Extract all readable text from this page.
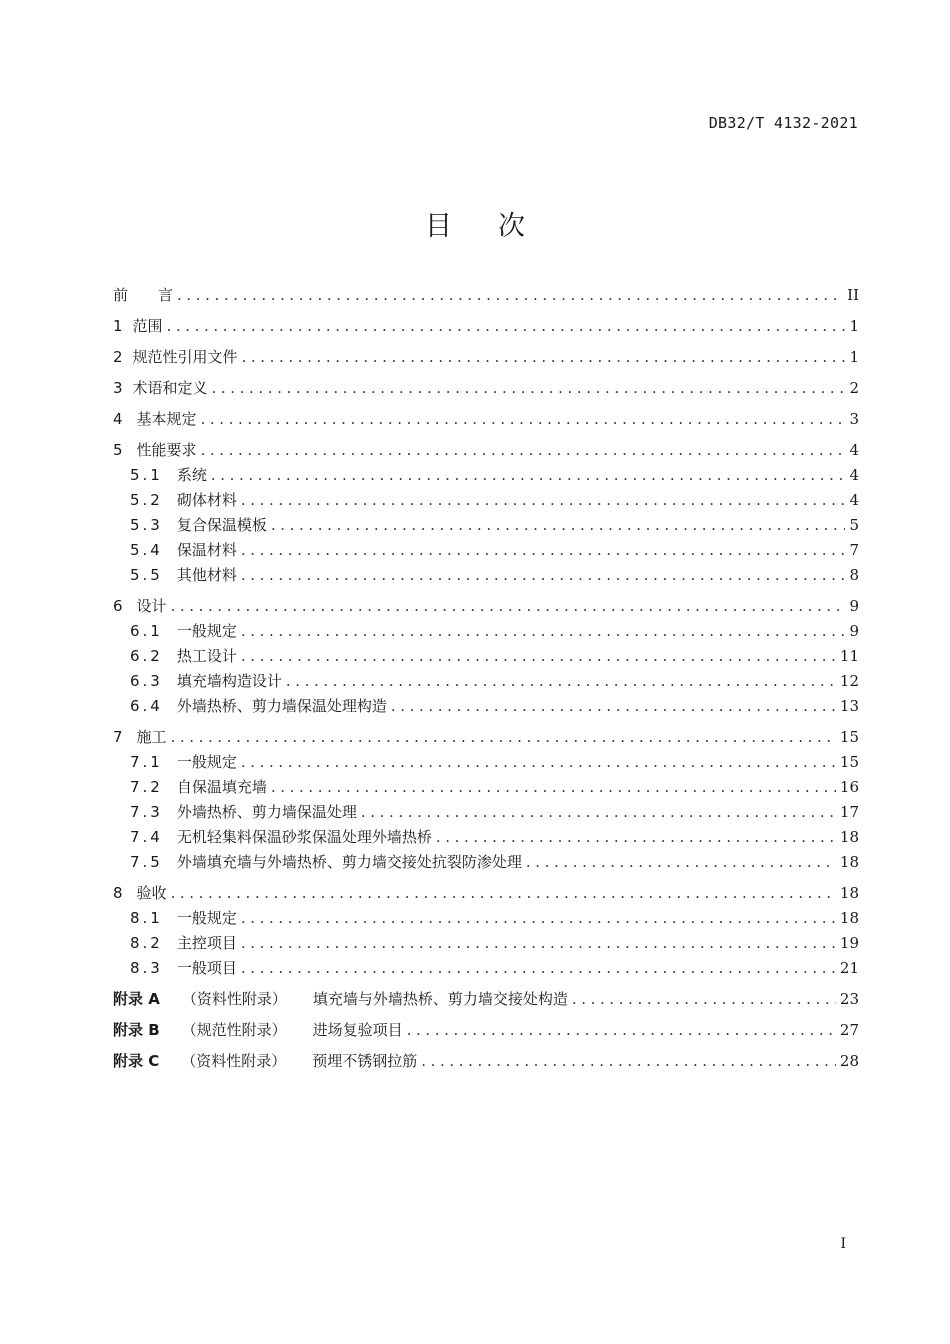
DB32/T 4132-2021
目次
前　　言 .....	II
1 范围 .....	1
2 规范性引用文件 .....	1
3 术语和定义 .....	2
4 基本规定 .....	3
5 性能要求 .....	4
5.1 系统 .....	4
5.2 砌体材料 .....	4
5.3 复合保温模板 .....	5
5.4 保温材料 .....	7
5.5 其他材料 .....	8
6 设计 .....	9
6.1 一般规定 .....	9
6.2 热工设计 .....	11
6.3 填充墙构造设计 .....	12
6.4 外墙热桥、剪力墙保温处理构造 .....	13
7 施工 .....	15
7.1 一般规定 .....	15
7.2 自保温填充墙 .....	16
7.3 外墙热桥、剪力墙保温处理 .....	17
7.4 无机轻集料保温砂浆保温处理外墙热桥 .....	18
7.5 外墙填充墙与外墙热桥、剪力墙交接处抗裂防渗处理 .....	18
8 验收 .....	18
8.1 一般规定 .....	18
8.2 主控项目 .....	19
8.3 一般项目 .....	21
附录 A （资料性附录） 填充墙与外墙热桥、剪力墙交接处构造 .....	23
附录 B （规范性附录） 进场复验项目 .....	27
附录 C （资料性附录） 预埋不锈钢拉筋 .....	28
I
